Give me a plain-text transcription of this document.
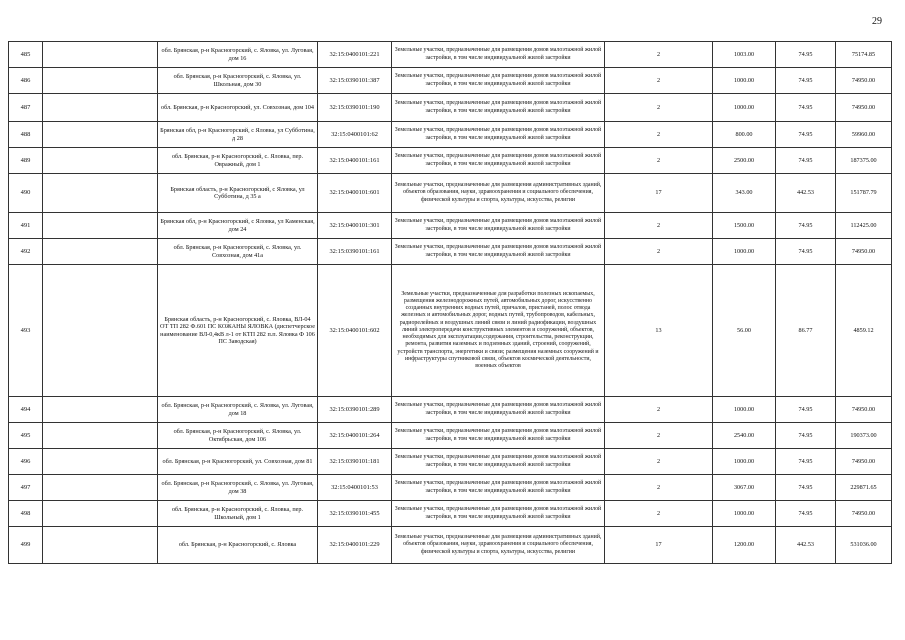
29
485		обл. Брянская, р-н Красногорский, с. Яловка, ул. Луговая, дом 16	32:15:0400101:221	Земельные участки, предназначенные для размещения домов малоэтажной жилой застройки, в том числе индивидуальной жилой застройки	2	1003.00	74.95	75174.85
486		обл. Брянская, р-н Красногорский, с. Яловка, ул. Школьная, дом 30	32:15:0390101:387	Земельные участки, предназначенные для размещения домов малоэтажной жилой застройки, в том числе индивидуальной жилой застройки	2	1000.00	74.95	74950.00
487		обл. Брянская, р-н Красногорский, ул. Совхозная, дом 104	32:15:0390101:190	Земельные участки, предназначенные для размещения домов малоэтажной жилой застройки, в том числе индивидуальной жилой застройки	2	1000.00	74.95	74950.00
488		Брянская обл, р-н Красногорский, с Яловка, ул Субботина, д 28	32:15:0400101:62	Земельные участки, предназначенные для размещения домов малоэтажной жилой застройки, в том числе индивидуальной жилой застройки	2	800.00	74.95	59960.00
489		обл. Брянская, р-н Красногорский, с. Яловка, пер. Овражный, дом 1	32:15:0400101:161	Земельные участки, предназначенные для размещения домов малоэтажной жилой застройки, в том числе индивидуальной жилой застройки	2	2500.00	74.95	187375.00
490		Брянская область, р-н Красногорский, с Яловка, ул Субботина, д 35 а	32:15:0400101:601	Земельные участки, предназначенные для размещения административных зданий, объектов образования, науки, здравоохранения и социального обеспечения, физической культуры и спорта, культуры, искусства, религии	17	343.00	442.53	151787.79
491		Брянская обл, р-н Красногорский, с Яловка, ул Каменская, дом 24	32:15:0400101:301	Земельные участки, предназначенные для размещения домов малоэтажной жилой застройки, в том числе индивидуальной жилой застройки	2	1500.00	74.95	112425.00
492		обл. Брянская, р-н Красногорский, с. Яловка, ул. Совхозная, дом 41а	32:15:0390101:161	Земельные участки, предназначенные для размещения домов малоэтажной жилой застройки, в том числе индивидуальной жилой застройки	2	1000.00	74.95	74950.00
493		Брянская область, р-н Красногорский, с. Яловка, ВЛ-04 ОТ ТП 282 Ф.601 ПС КОЖАНЫ ЯЛОВКА (диспетчерское наименование ВЛ-0,4кВ л-1 от КТП 282 п.п. Яловка Ф 106 ПС Заводская)	32:15:0400101:602	Земельные участки, предназначенные для разработки полезных ископаемых, размещения железнодорожных путей, автомобильных дорог, искусственно созданных внутренних водных путей, причалов, пристаней, полос отвода железных и автомобильных дорог, водных путей, трубопроводов, кабельных, радиорелейных и воздушных линий связи и линий радиофикации, воздушных линий электропередачи конструктивных элементов и сооружений, объектов, необходимых для эксплуатации,содержания, строительства, реконструкции, ремонта, развития наземных и подземных зданий, строений, сооружений, устройств транспорта, энергетики и связи; размещения наземных сооружений и инфраструктуры спутниковой связи, объектов космической деятельности, военных объектов	13	56.00	86.77	4859.12
494		обл. Брянская, р-н Красногорский, с. Яловка, ул. Луговая, дом 18	32:15:0390101:289	Земельные участки, предназначенные для размещения домов малоэтажной жилой застройки, в том числе индивидуальной жилой застройки	2	1000.00	74.95	74950.00
495		обл. Брянская, р-н Красногорский, с. Яловка, ул. Октябрьская, дом 106	32:15:0400101:264	Земельные участки, предназначенные для размещения домов малоэтажной жилой застройки, в том числе индивидуальной жилой застройки	2	2540.00	74.95	190373.00
496		обл. Брянская, р-н Красногорский, ул. Совхозная, дом 81	32:15:0390101:181	Земельные участки, предназначенные для размещения домов малоэтажной жилой застройки, в том числе индивидуальной жилой застройки	2	1000.00	74.95	74950.00
497		обл. Брянская, р-н Красногорский, с. Яловка, ул. Луговая, дом 38	32:15:0400101:53	Земельные участки, предназначенные для размещения домов малоэтажной жилой застройки, в том числе индивидуальной жилой застройки	2	3067.00	74.95	229871.65
498		обл. Брянская, р-н Красногорский, с. Яловка, пер. Школьный, дом 1	32:15:0390101:455	Земельные участки, предназначенные для размещения домов малоэтажной жилой застройки, в том числе индивидуальной жилой застройки	2	1000.00	74.95	74950.00
499		обл. Брянская, р-н Красногорский, с. Яловка	32:15:0400101:229	Земельные участки, предназначенные для размещения административных зданий, объектов образования, науки, здравоохранения и социального обеспечения, физической культуры и спорта, культуры, искусства, религии	17	1200.00	442.53	531036.00
